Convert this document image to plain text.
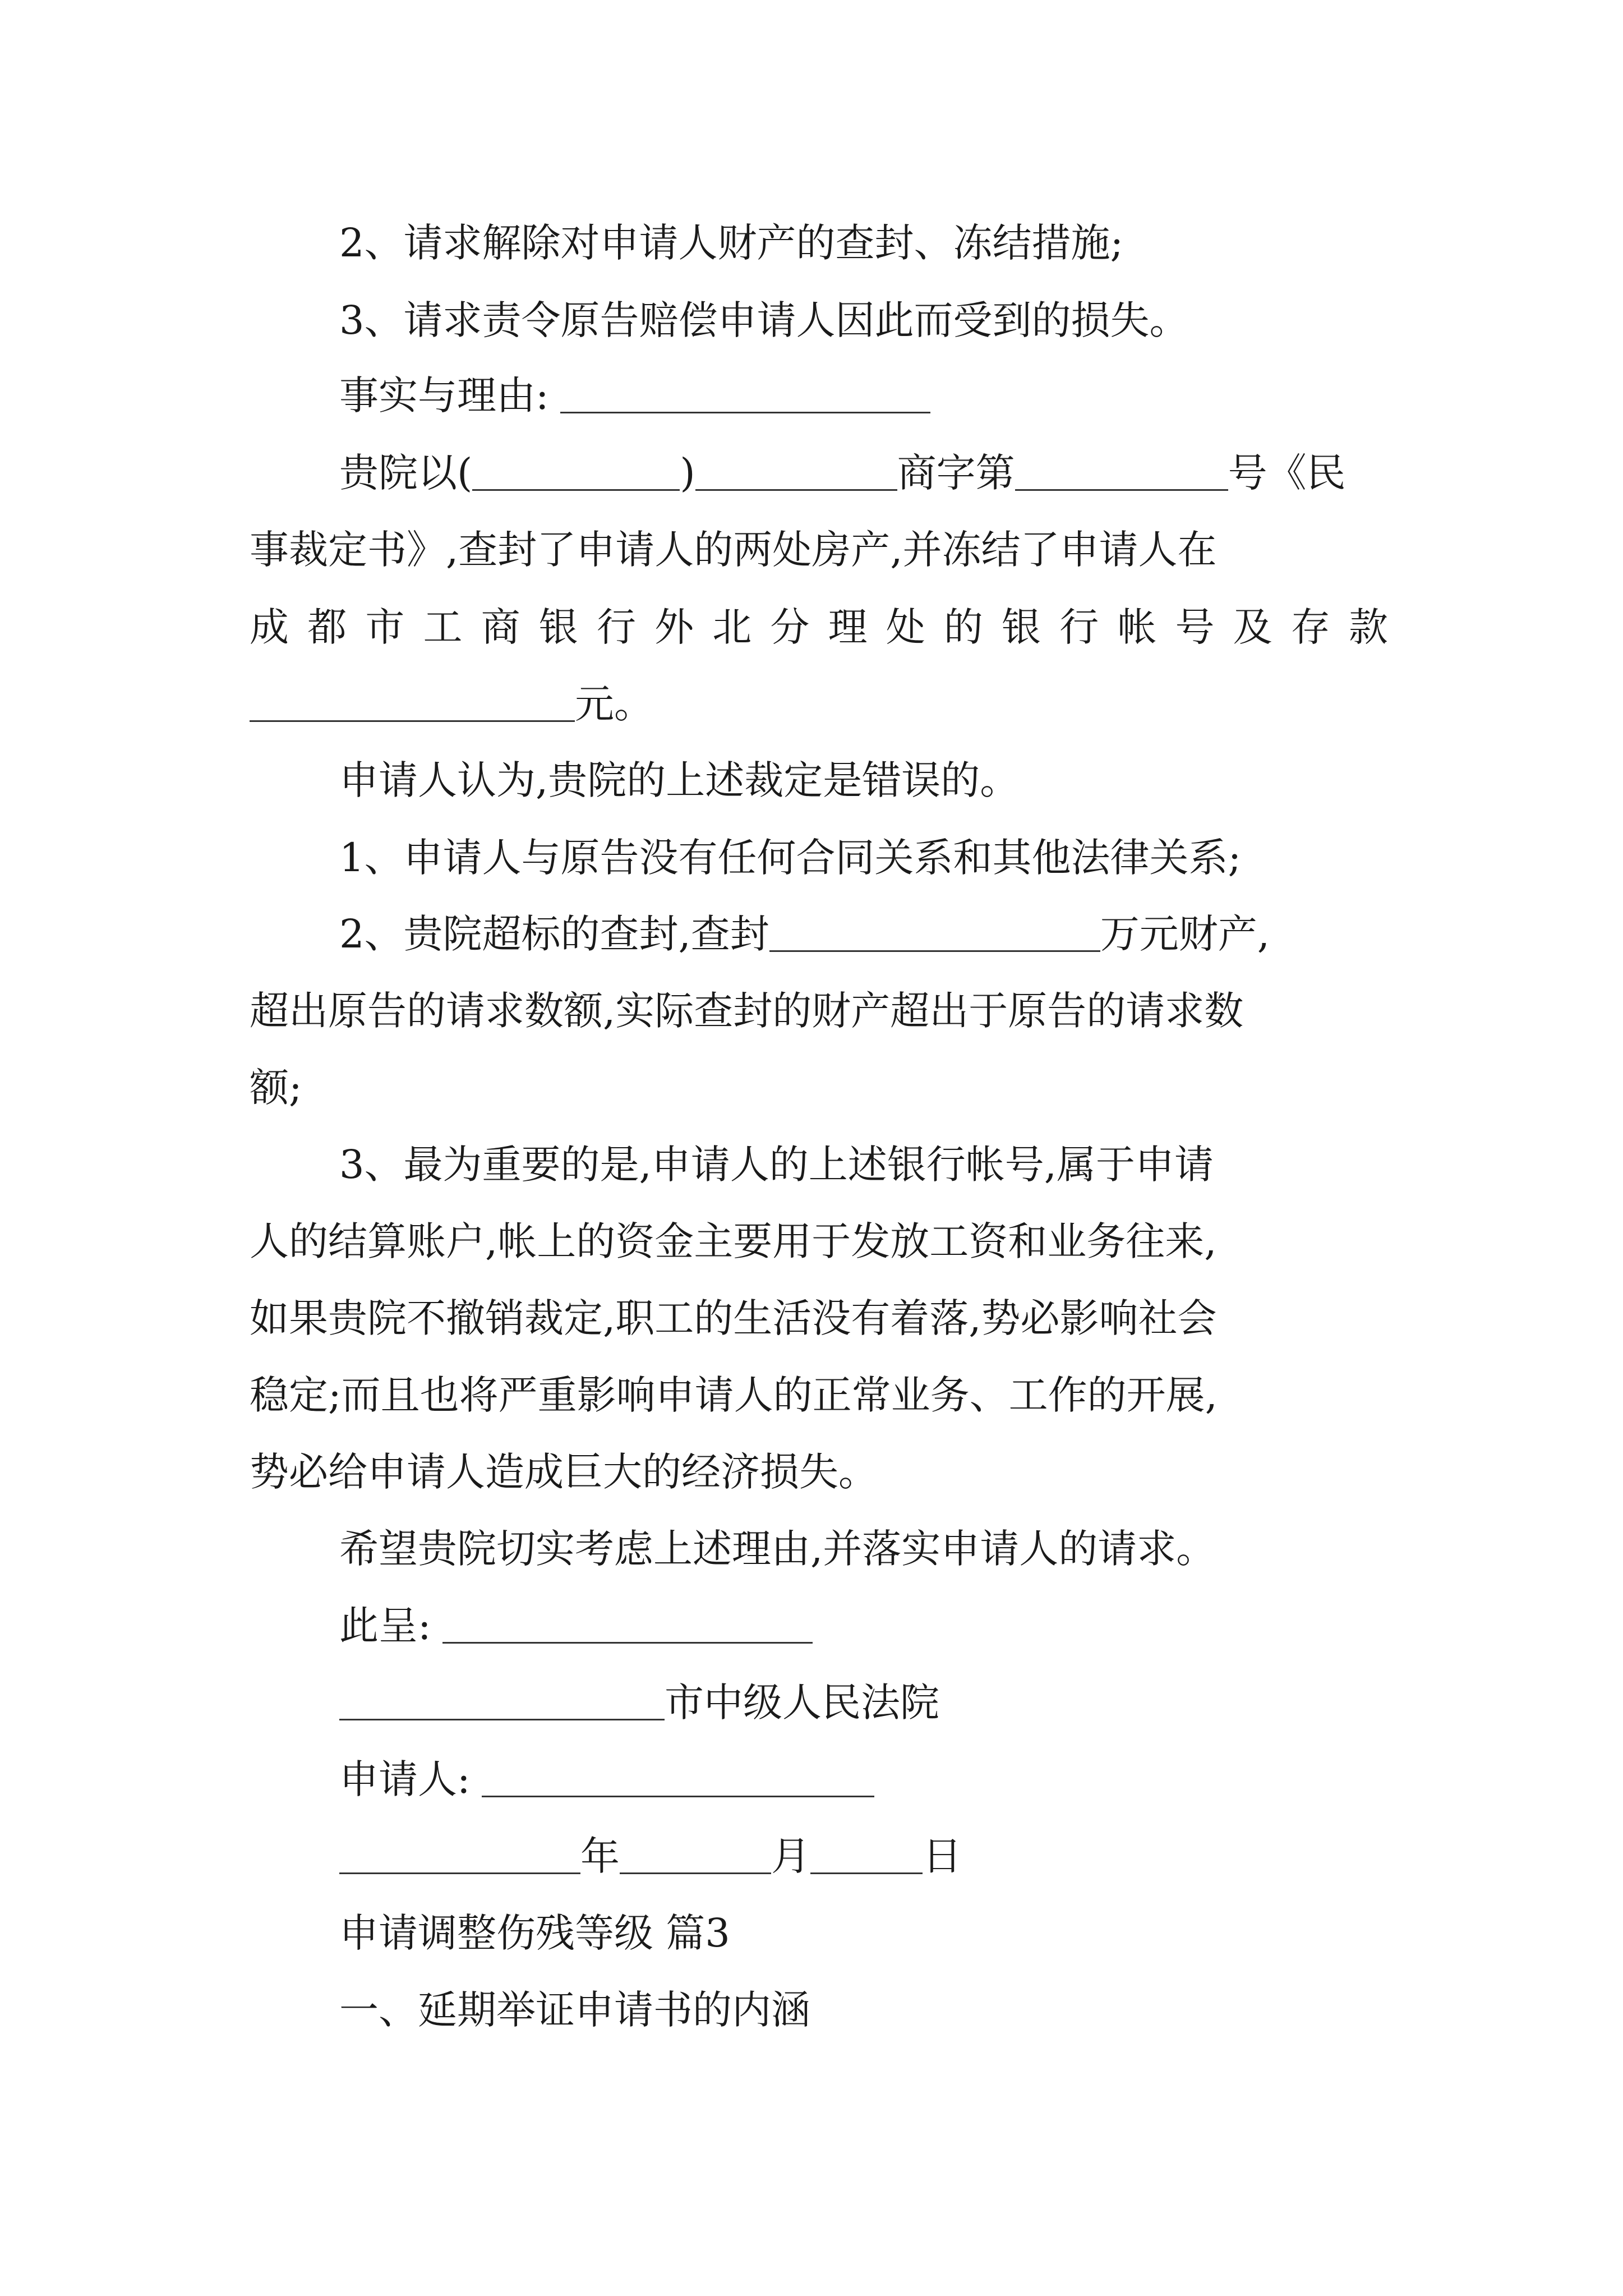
2、请求解除对申请人财产的查封、冻结措施;
3、请求责令原告赔偿申请人因此而受到的损失。
事实与理由:
贵院以(	)	商字第	号《民
事裁定书》,查封了申请人的两处房产,并冻结了申请人在
成 都 市 工 商 银 行 外 北 分 理 处 的 银 行 帐 号 及 存 款
元。
申请人认为,贵院的上述裁定是错误的。
1、申请人与原告没有任何合同关系和其他法律关系;
2、贵院超标的查封,查封	万元财产,
超出原告的请求数额,实际查封的财产超出于原告的请求数
额;
3、最为重要的是,申请人的上述银行帐号,属于申请
人的结算账户,帐上的资金主要用于发放工资和业务往来,
如果贵院不撤销裁定,职工的生活没有着落,势必影响社会
稳定;而且也将严重影响申请人的正常业务、工作的开展,
势必给申请人造成巨大的经济损失。
希望贵院切实考虑上述理由,并落实申请人的请求。
此呈:
市中级人民法院
申请人:
年	月	日
申请调整伤残等级 篇3
一、延期举证申请书的内涵
